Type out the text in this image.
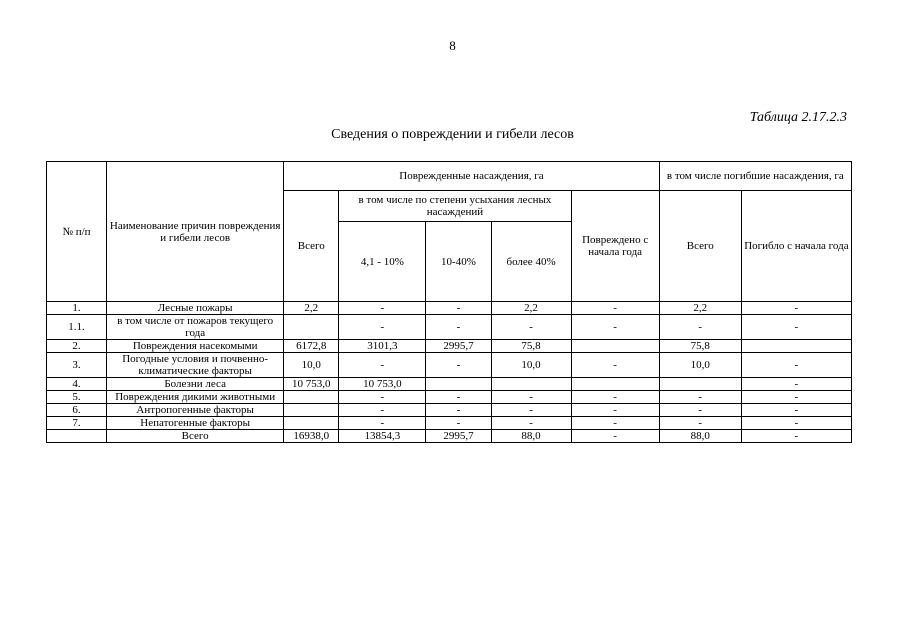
8
Таблица 2.17.2.3
Сведения о повреждении и гибели лесов
№ п/п	Наименование причин повреждения и гибели лесов	Поврежденные насаждения, га					в том числе погибшие насаждения, га	
		Всего	в том числе по степени усыхания лесных насаждений			Повреждено с начала года	Всего	Погибло с начала года
			4,1 - 10%	10-40%	более 40%			
1.	Лесные пожары	2,2	-	-	2,2	-	2,2	-
1.1.	в том числе от пожаров текущего года		-	-	-	-	-	-
2.	Повреждения насекомыми	6172,8	3101,3	2995,7	75,8		75,8	
3.	Погодные условия и почвенно-климатические факторы	10,0	-	-	10,0	-	10,0	-
4.	Болезни леса	10 753,0	10 753,0					-
5.	Повреждения дикими животными		-	-	-	-	-	-
6.	Антропогенные факторы		-	-	-	-	-	-
7.	Непатогенные факторы		-	-	-	-	-	-
	Всего	16938,0	13854,3	2995,7	88,0	-	88,0	-
